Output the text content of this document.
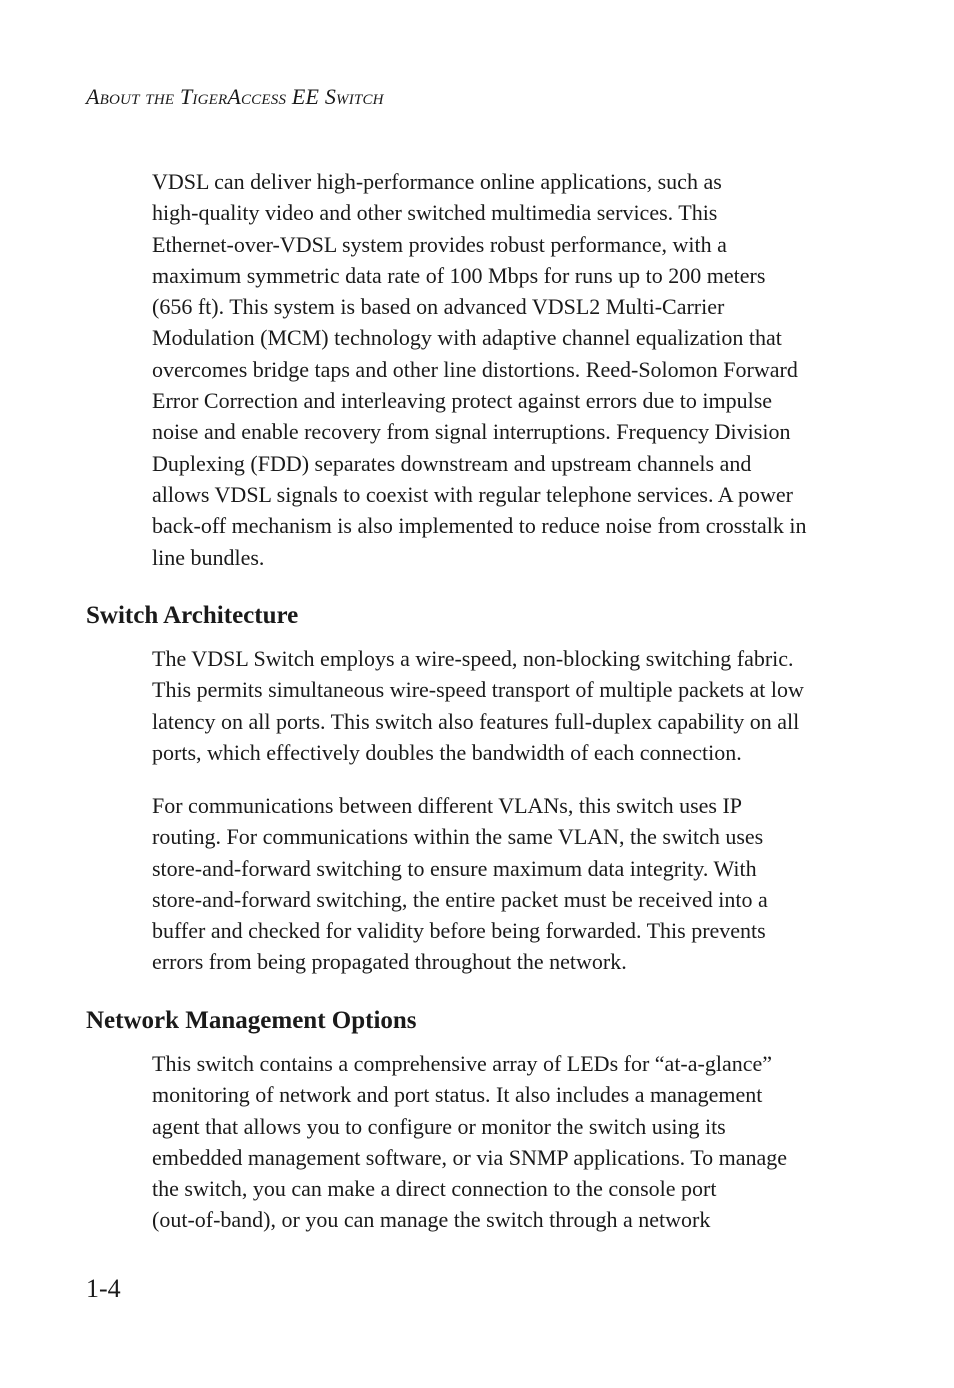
About the TigerAccess EE Switch
VDSL can deliver high-performance online applications, such as
high-quality video and other switched multimedia services. This
Ethernet-over-VDSL system provides robust performance, with a
maximum symmetric data rate of 100 Mbps for runs up to 200 meters
(656 ft). This system is based on advanced VDSL2 Multi-Carrier
Modulation (MCM) technology with adaptive channel equalization that
overcomes bridge taps and other line distortions. Reed-Solomon Forward
Error Correction and interleaving protect against errors due to impulse
noise and enable recovery from signal interruptions. Frequency Division
Duplexing (FDD) separates downstream and upstream channels and
allows VDSL signals to coexist with regular telephone services. A power
back-off mechanism is also implemented to reduce noise from crosstalk in
line bundles.
Switch Architecture
The VDSL Switch employs a wire-speed, non-blocking switching fabric.
This permits simultaneous wire-speed transport of multiple packets at low
latency on all ports. This switch also features full-duplex capability on all
ports, which effectively doubles the bandwidth of each connection.
For communications between different VLANs, this switch uses IP
routing. For communications within the same VLAN, the switch uses
store-and-forward switching to ensure maximum data integrity. With
store-and-forward switching, the entire packet must be received into a
buffer and checked for validity before being forwarded. This prevents
errors from being propagated throughout the network.
Network Management Options
This switch contains a comprehensive array of LEDs for “at-a-glance”
monitoring of network and port status. It also includes a management
agent that allows you to configure or monitor the switch using its
embedded management software, or via SNMP applications. To manage
the switch, you can make a direct connection to the console port
(out-of-band), or you can manage the switch through a network
1-4
